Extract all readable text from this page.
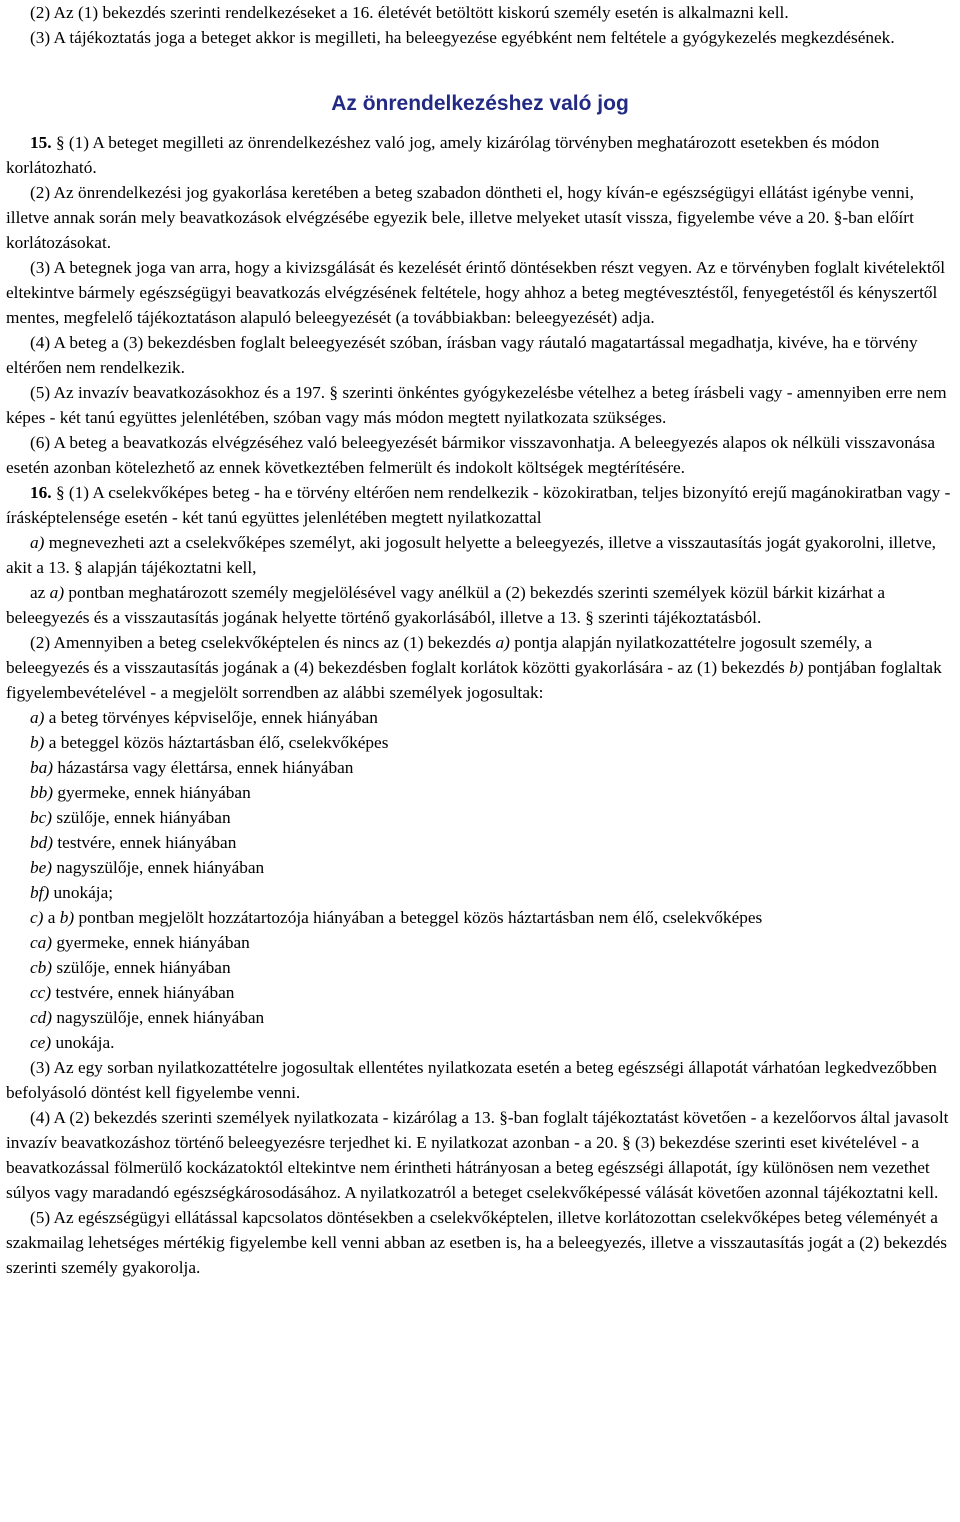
(2) Az (1) bekezdés szerinti rendelkezéseket a 16. életévét betöltött kiskorú személy esetén is alkalmazni kell.

(3) A tájékoztatás joga a beteget akkor is megilleti, ha beleegyezése egyébként nem feltétele a gyógykezelés megkezdésének.

Az önrendelkezéshez való jog

15. § (1) A beteget megilleti az önrendelkezéshez való jog, amely kizárólag törvényben meghatározott esetekben és módon korlátozható.

(2) Az önrendelkezési jog gyakorlása keretében a beteg szabadon döntheti el, hogy kíván-e egészségügyi ellátást igénybe venni, illetve annak során mely beavatkozások elvégzésébe egyezik bele, illetve melyeket utasít vissza, figyelembe véve a 20. §-ban előírt korlátozásokat.

(3) A betegnek joga van arra, hogy a kivizsgálását és kezelését érintő döntésekben részt vegyen. Az e törvényben foglalt kivételektől eltekintve bármely egészségügyi beavatkozás elvégzésének feltétele, hogy ahhoz a beteg megtévesztéstől, fenyegetéstől és kényszertől mentes, megfelelő tájékoztatáson alapuló beleegyezését (a továbbiakban: beleegyezését) adja.

(4) A beteg a (3) bekezdésben foglalt beleegyezését szóban, írásban vagy ráutaló magatartással megadhatja, kivéve, ha e törvény eltérően nem rendelkezik.

(5) Az invazív beavatkozásokhoz és a 197. § szerinti önkéntes gyógykezelésbe vételhez a beteg írásbeli vagy - amennyiben erre nem képes - két tanú együttes jelenlétében, szóban vagy más módon megtett nyilatkozata szükséges.

(6) A beteg a beavatkozás elvégzéséhez való beleegyezését bármikor visszavonhatja. A beleegyezés alapos ok nélküli visszavonása esetén azonban kötelezhető az ennek következtében felmerült és indokolt költségek megtérítésére.

16. § (1) A cselekvőképes beteg - ha e törvény eltérően nem rendelkezik - közokiratban, teljes bizonyító erejű magánokiratban vagy - írásképtelensége esetén - két tanú együttes jelenlétében megtett nyilatkozattal

a) megnevezheti azt a cselekvőképes személyt, aki jogosult helyette a beleegyezés, illetve a visszautasítás jogát gyakorolni, illetve, akit a 13. § alapján tájékoztatni kell,

az a) pontban meghatározott személy megjelölésével vagy anélkül a (2) bekezdés szerinti személyek közül bárkit kizárhat a beleegyezés és a visszautasítás jogának helyette történő gyakorlásából, illetve a 13. § szerinti tájékoztatásból.

(2) Amennyiben a beteg cselekvőképtelen és nincs az (1) bekezdés a) pontja alapján nyilatkozattételre jogosult személy, a beleegyezés és a visszautasítás jogának a (4) bekezdésben foglalt korlátok közötti gyakorlására - az (1) bekezdés b) pontjában foglaltak figyelembevételével - a megjelölt sorrendben az alábbi személyek jogosultak:

a) a beteg törvényes képviselője, ennek hiányában

b) a beteggel közös háztartásban élő, cselekvőképes

ba) házastársa vagy élettársa, ennek hiányában

bb) gyermeke, ennek hiányában

bc) szülője, ennek hiányában

bd) testvére, ennek hiányában

be) nagyszülője, ennek hiányában

bf) unokája;

c) a b) pontban megjelölt hozzátartozója hiányában a beteggel közös háztartásban nem élő, cselekvőképes

ca) gyermeke, ennek hiányában

cb) szülője, ennek hiányában

cc) testvére, ennek hiányában

cd) nagyszülője, ennek hiányában

ce) unokája.

(3) Az egy sorban nyilatkozattételre jogosultak ellentétes nyilatkozata esetén a beteg egészségi állapotát várhatóan legkedvezőbben befolyásoló döntést kell figyelembe venni.

(4) A (2) bekezdés szerinti személyek nyilatkozata - kizárólag a 13. §-ban foglalt tájékoztatást követően - a kezelőorvos által javasolt invazív beavatkozáshoz történő beleegyezésre terjedhet ki. E nyilatkozat azonban - a 20. § (3) bekezdése szerinti eset kivételével - a beavatkozással fölmerülő kockázatoktól eltekintve nem érintheti hátrányosan a beteg egészségi állapotát, így különösen nem vezethet súlyos vagy maradandó egészségkárosodásához. A nyilatkozatról a beteget cselekvőképessé válását követően azonnal tájékoztatni kell.

(5) Az egészségügyi ellátással kapcsolatos döntésekben a cselekvőképtelen, illetve korlátozottan cselekvőképes beteg véleményét a szakmailag lehetséges mértékig figyelembe kell venni abban az esetben is, ha a beleegyezés, illetve a visszautasítás jogát a (2) bekezdés szerinti személy gyakorolja.
